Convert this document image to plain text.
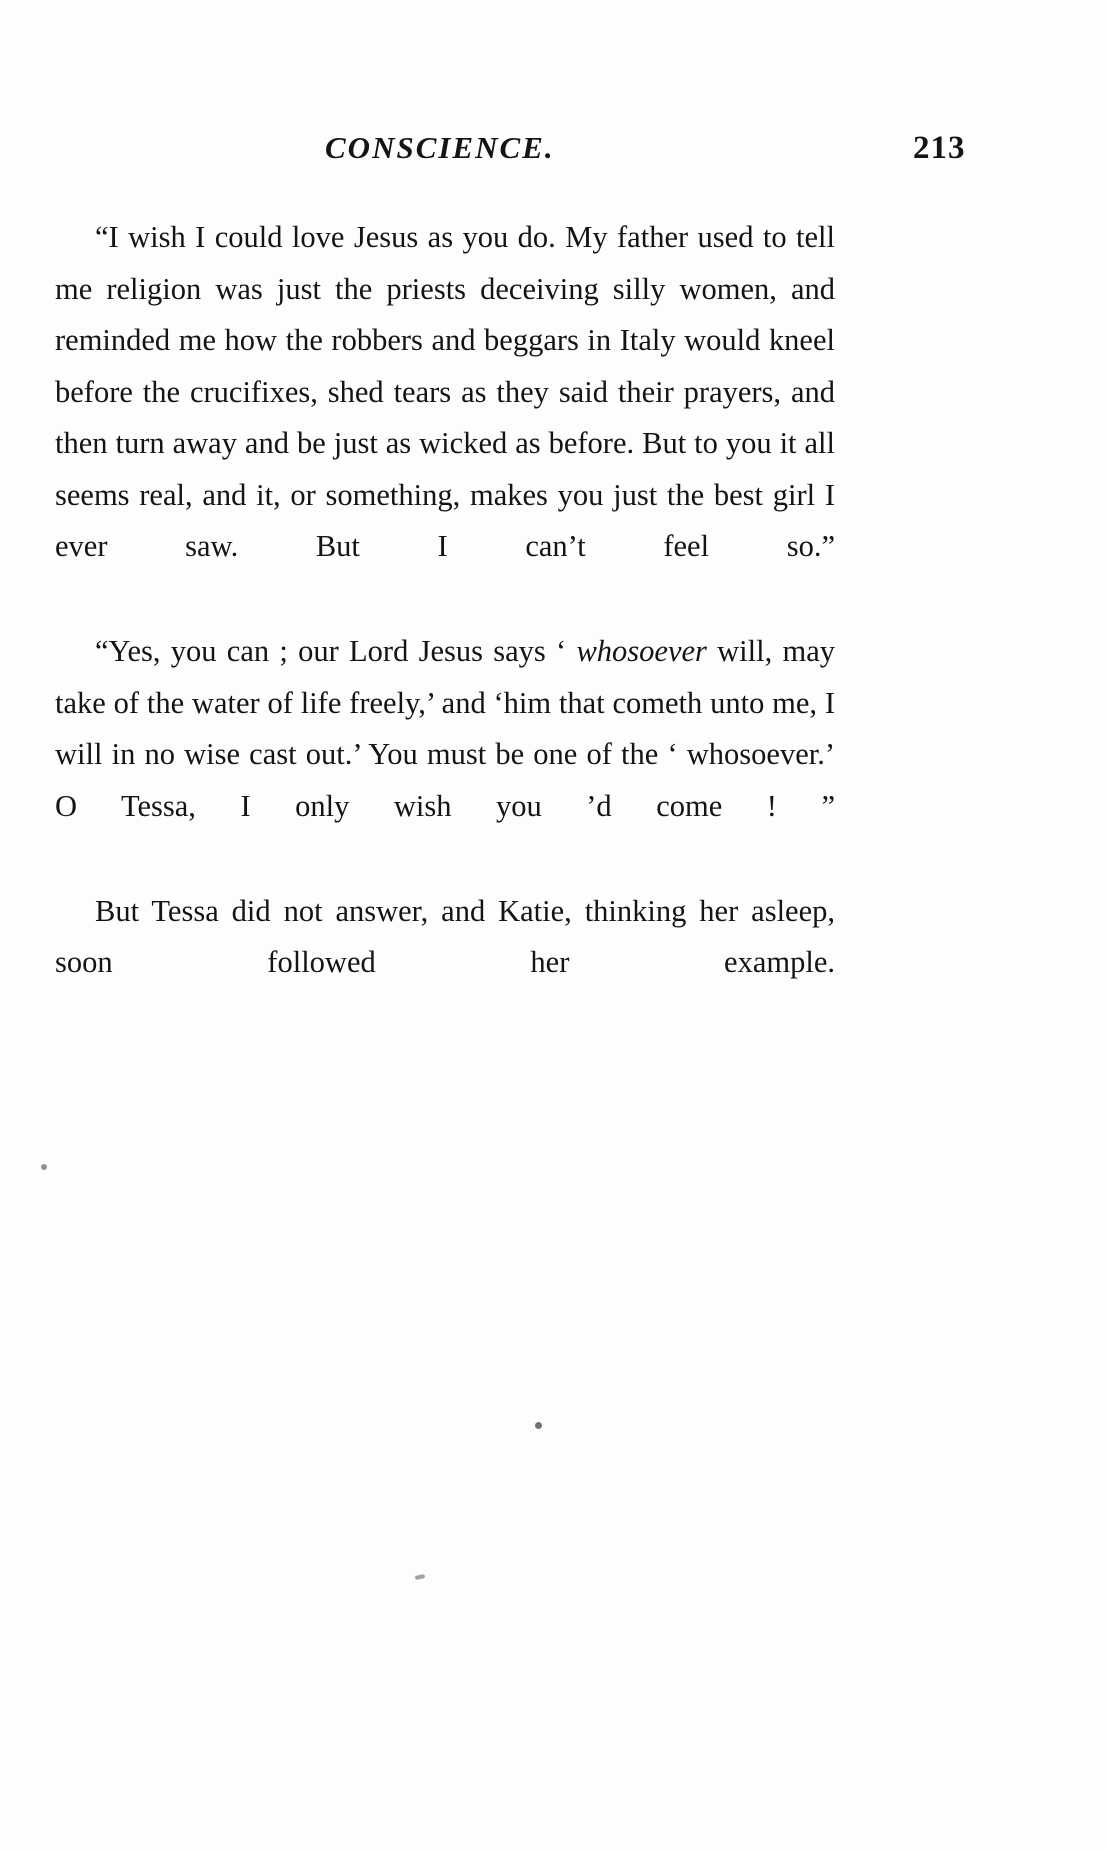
CONSCIENCE.	213

“I wish I could love Jesus as you do. My father used to tell me religion was just the priests deceiving silly women, and reminded me how the robbers and beggars in Italy would kneel before the crucifixes, shed tears as they said their prayers, and then turn away and be just as wicked as before. But to you it all seems real, and it, or something, makes you just the best girl I ever saw. But I can’t feel so.”

“Yes, you can ; our Lord Jesus says ‘ whosoever will, may take of the water of life freely,’ and ‘him that cometh unto me, I will in no wise cast out.’ You must be one of the ‘ whosoever.’ O Tessa, I only wish you ’d come ! ”

But Tessa did not answer, and Katie, thinking her asleep, soon followed her example.
